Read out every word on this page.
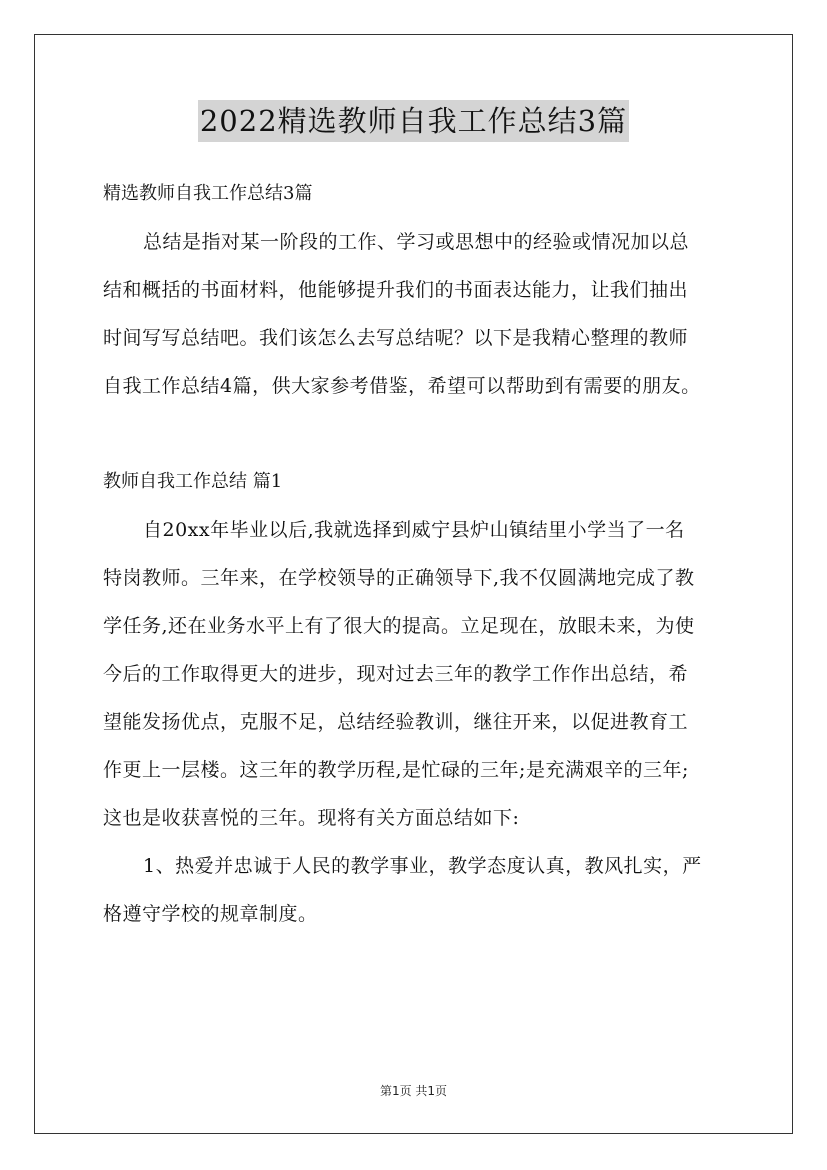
2022精选教师自我工作总结3篇
精选教师自我工作总结3篇
总结是指对某一阶段的工作、学习或思想中的经验或情况加以总
结和概括的书面材料，他能够提升我们的书面表达能力，让我们抽出
时间写写总结吧。我们该怎么去写总结呢？以下是我精心整理的教师
自我工作总结4篇，供大家参考借鉴，希望可以帮助到有需要的朋友。
教师自我工作总结 篇1
自20xx年毕业以后,我就选择到威宁县炉山镇结里小学当了一名
特岗教师。三年来，在学校领导的正确领导下,我不仅圆满地完成了教
学任务,还在业务水平上有了很大的提高。立足现在，放眼未来，为使
今后的工作取得更大的进步，现对过去三年的教学工作作出总结，希
望能发扬优点，克服不足，总结经验教训，继往开来，以促进教育工
作更上一层楼。这三年的教学历程,是忙碌的三年;是充满艰辛的三年;
这也是收获喜悦的三年。现将有关方面总结如下:
1、热爱并忠诚于人民的教学事业，教学态度认真，教风扎实，严
格遵守学校的规章制度。
第1页 共1页
